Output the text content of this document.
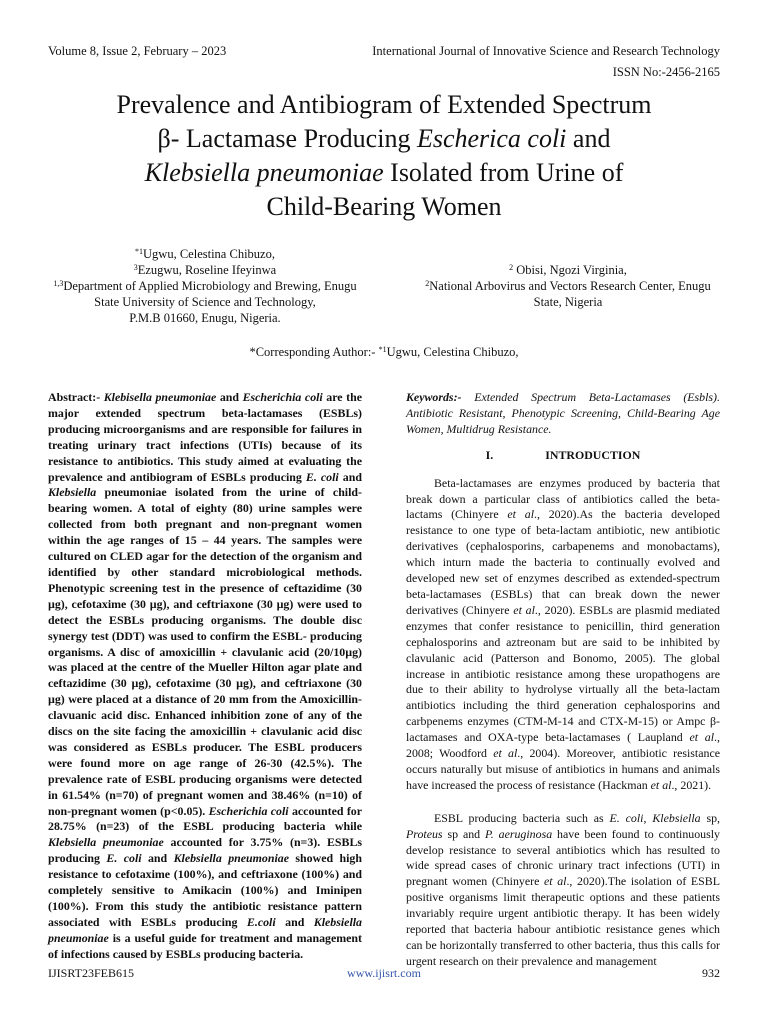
Volume 8, Issue 2, February – 2023	International Journal of Innovative Science and Research Technology
ISSN No:-2456-2165
Prevalence and Antibiogram of Extended Spectrum
β- Lactamase Producing Escherica coli and
Klebsiella pneumoniae Isolated from Urine of
Child-Bearing Women
$^{*1}$Ugwu, Celestina Chibuzo,
$^3$Ezugwu, Roseline Ifeyinwa
$^{1,3}$Department of Applied Microbiology and Brewing, Enugu
State University of Science and Technology,
P.M.B 01660, Enugu, Nigeria.
$^2$ Obisi, Ngozi Virginia,
$^2$National Arbovirus and Vectors Research Center, Enugu
State, Nigeria
*Corresponding Author:- $^{*1}$Ugwu, Celestina Chibuzo,

Abstract:- Klebisella pneumoniae and Escherichia coli are the major extended spectrum beta-lactamases (ESBLs) producing microorganisms and are responsible for failures in treating urinary tract infections (UTIs) because of its resistance to antibiotics. This study aimed at evaluating the prevalence and antibiogram of ESBLs producing E. coli and Klebsiella pneumoniae isolated from the urine of child-bearing women. A total of eighty (80) urine samples were collected from both pregnant and non-pregnant women within the age ranges of 15 – 44 years. The samples were cultured on CLED agar for the detection of the organism and identified by other standard microbiological methods. Phenotypic screening test in the presence of ceftazidime (30 µg), cefotaxime (30 µg), and ceftriaxone (30 µg) were used to detect the ESBLs producing organisms. The double disc synergy test (DDT) was used to confirm the ESBL- producing organisms. A disc of amoxicillin + clavulanic acid (20/10µg) was placed at the centre of the Mueller Hilton agar plate and ceftazidime (30 µg), cefotaxime (30 µg), and ceftriaxone (30 µg) were placed at a distance of 20 mm from the Amoxicillin-clavuanic acid disc. Enhanced inhibition zone of any of the discs on the site facing the amoxicillin + clavulanic acid disc was considered as ESBLs producer. The ESBL producers were found more on age range of 26-30 (42.5%). The prevalence rate of ESBL producing organisms were detected in 61.54% (n=70) of pregnant women and 38.46% (n=10) of non-pregnant women (p<0.05). Escherichia coli accounted for 28.75% (n=23) of the ESBL producing bacteria while Klebsiella pneumoniae accounted for 3.75% (n=3). ESBLs producing E. coli and Klebsiella pneumoniae showed high resistance to cefotaxime (100%), and ceftriaxone (100%) and completely sensitive to Amikacin (100%) and Iminipen (100%). From this study the antibiotic resistance pattern associated with ESBLs producing E.coli and Klebsiella pneumoniae is a useful guide for treatment and management of infections caused by ESBLs producing bacteria.

Keywords:- Extended Spectrum Beta-Lactamases (Esbls). Antibiotic Resistant, Phenotypic Screening, Child-Bearing Age Women, Multidrug Resistance.

I.	INTRODUCTION

Beta-lactamases are enzymes produced by bacteria that break down a particular class of antibiotics called the beta-lactams (Chinyere et al., 2020).As the bacteria developed resistance to one type of beta-lactam antibiotic, new antibiotic derivatives (cephalosporins, carbapenems and monobactams), which inturn made the bacteria to continually evolved and developed new set of enzymes described as extended-spectrum beta-lactamases (ESBLs) that can break down the newer derivatives (Chinyere et al., 2020). ESBLs are plasmid mediated enzymes that confer resistance to penicillin, third generation cephalosporins and aztreonam but are said to be inhibited by clavulanic acid (Patterson and Bonomo, 2005). The global increase in antibiotic resistance among these uropathogens are due to their ability to hydrolyse virtually all the beta-lactam antibiotics including the third generation cephalosporins and carbpenems enzymes (CTM-M-14 and CTX-M-15) or Ampc β-lactamases and OXA-type beta-lactamases ( Laupland et al., 2008; Woodford et al., 2004). Moreover, antibiotic resistance occurs naturally but misuse of antibiotics in humans and animals have increased the process of resistance (Hackman et al., 2021).

ESBL producing bacteria such as E. coli, Klebsiella sp, Proteus sp and P. aeruginosa have been found to continuously develop resistance to several antibiotics which has resulted to wide spread cases of chronic urinary tract infections (UTI) in pregnant women (Chinyere et al., 2020).The isolation of ESBL positive organisms limit therapeutic options and these patients invariably require urgent antibiotic therapy. It has been widely reported that bacteria habour antibiotic resistance genes which can be horizontally transferred to other bacteria, thus this calls for urgent research on their prevalence and management

IJISRT23FEB615	www.ijisrt.com	932
